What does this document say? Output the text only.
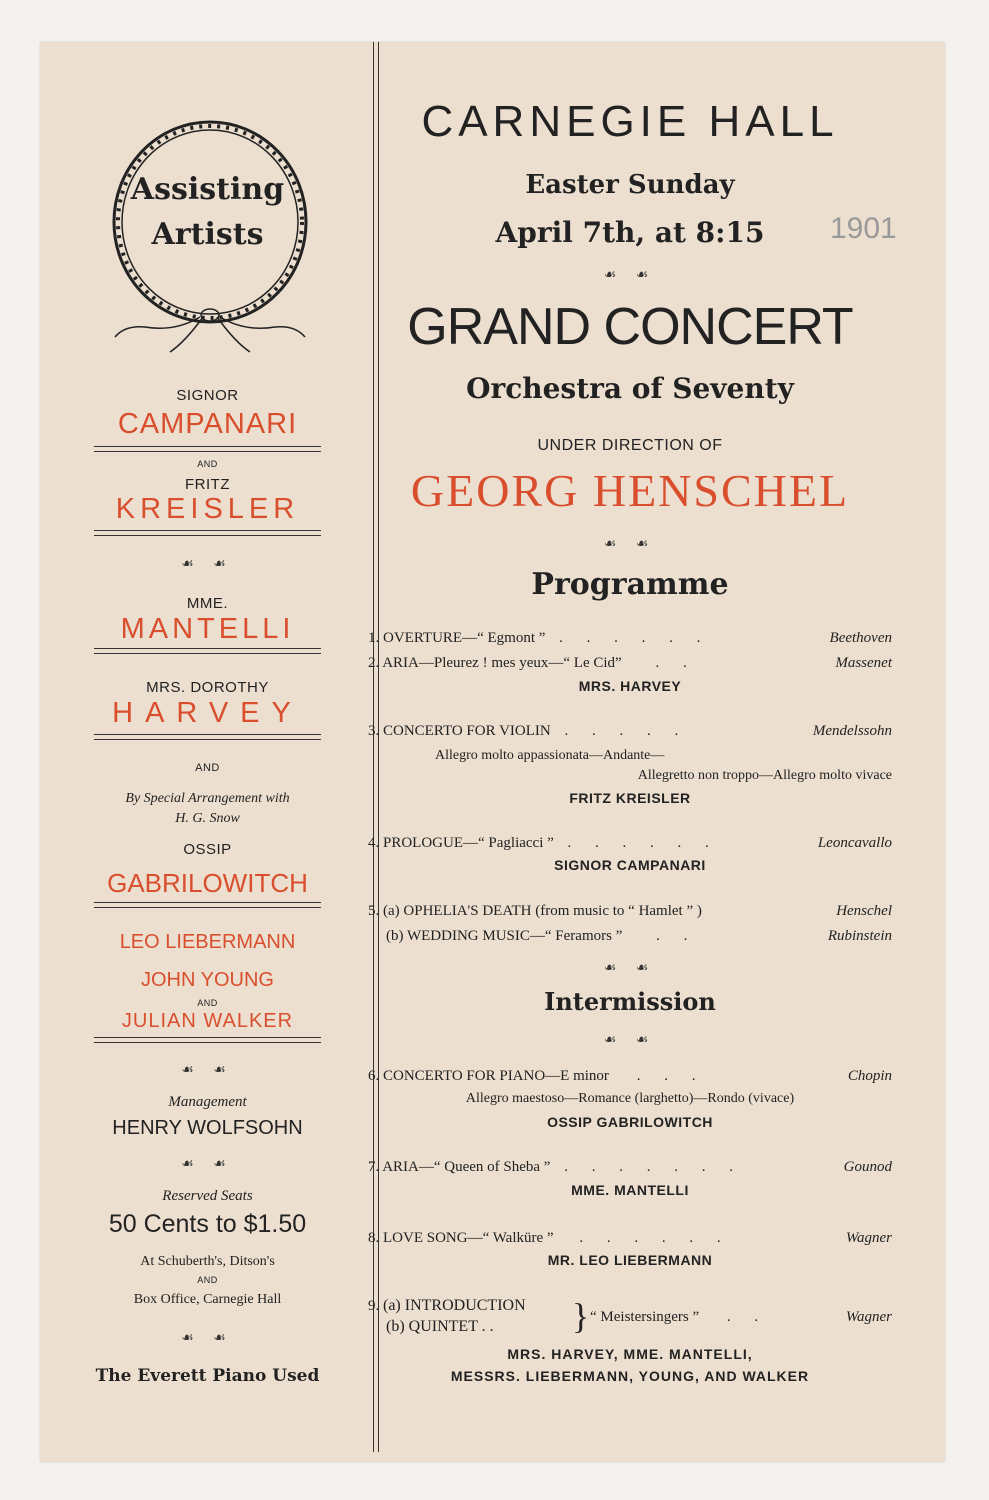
Assisting
Artists
SIGNOR
CAMPANARI
AND
FRITZ
KREISLER
☙ ☙
MME.
MANTELLI
MRS. DOROTHY
HARVEY
AND
By Special Arrangement with
H. G. Snow
OSSIP
GABRILOWITCH
LEO LIEBERMANN
JOHN YOUNG
AND
JULIAN WALKER
☙ ☙
Management
HENRY WOLFSOHN
☙ ☙
Reserved Seats
50 Cents to $1.50
At Schuberth's, Ditson's
AND
Box Office, Carnegie Hall
☙ ☙
The Everett Piano Used
CARNEGIE HALL
Easter Sunday
April 7th, at 8:15	1901
☙ ☙
GRAND CONCERT
Orchestra of Seventy
UNDER DIRECTION OF
GEORG HENSCHEL
☙ ☙
Programme
1. OVERTURE—“ Egmont ” . . . . . .	Beethoven
2. ARIA—Pleurez ! mes yeux—“ Le Cid” . .	Massenet
MRS. HARVEY
3. CONCERTO FOR VIOLIN . . . . .	Mendelssohn
Allegro molto appassionata—Andante—
Allegretto non troppo—Allegro molto vivace
FRITZ KREISLER
4. PROLOGUE—“ Pagliacci ” . . . . . .	Leoncavallo
SIGNOR CAMPANARI
5. (a) OPHELIA'S DEATH (from music to “ Hamlet ” )	Henschel
(b) WEDDING MUSIC—“ Feramors ” . .	Rubinstein
☙ ☙
Intermission
☙ ☙
6. CONCERTO FOR PIANO—E minor . . .	Chopin
Allegro maestoso—Romance (larghetto)—Rondo (vivace)
OSSIP GABRILOWITCH
7. ARIA—“ Queen of Sheba ” . . . . . . .	Gounod
MME. MANTELLI
8. LOVE SONG—“ Walküre ” . . . . . .	Wagner
MR. LEO LIEBERMANN
9. (a) INTRODUCTION
(b) QUINTET . .	} “ Meistersingers ” . .	Wagner
MRS. HARVEY, MME. MANTELLI,
MESSRS. LIEBERMANN, YOUNG, AND WALKER
